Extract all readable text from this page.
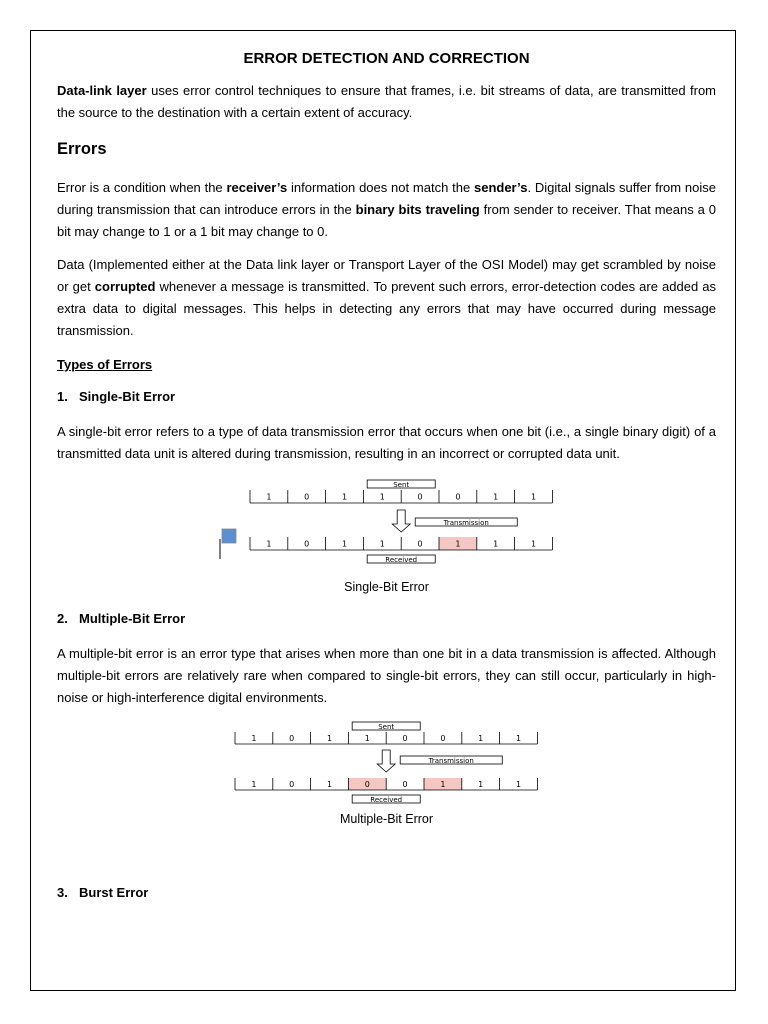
ERROR DETECTION AND CORRECTION

Data-link layer uses error control techniques to ensure that frames, i.e. bit streams of data, are transmitted from the source to the destination with a certain extent of accuracy.

Errors

Error is a condition when the receiver’s information does not match the sender’s. Digital signals suffer from noise during transmission that can introduce errors in the binary bits traveling from sender to receiver. That means a 0 bit may change to 1 or a 1 bit may change to 0.

Data (Implemented either at the Data link layer or Transport Layer of the OSI Model) may get scrambled by noise or get corrupted whenever a message is transmitted. To prevent such errors, error-detection codes are added as extra data to digital messages. This helps in detecting any errors that may have occurred during message transmission.

Types of Errors
1. Single-Bit Error

A single-bit error refers to a type of data transmission error that occurs when one bit (i.e., a single binary digit) of a transmitted data unit is altered during transmission, resulting in an incorrect or corrupted data unit.

Sent
1	0	1	1	0	0	1	1
Transmission
1	0	1	1	0	1	1	1
Received
Single-Bit Error
2. Multiple-Bit Error

A multiple-bit error is an error type that arises when more than one bit in a data transmission is affected. Although multiple-bit errors are relatively rare when compared to single-bit errors, they can still occur, particularly in high-noise or high-interference digital environments.

Sent
1	0	1	1	0	0	1	1
Transmission
1	0	1	0	0	1	1	1
Received
Multiple-Bit Error
3. Burst Error
